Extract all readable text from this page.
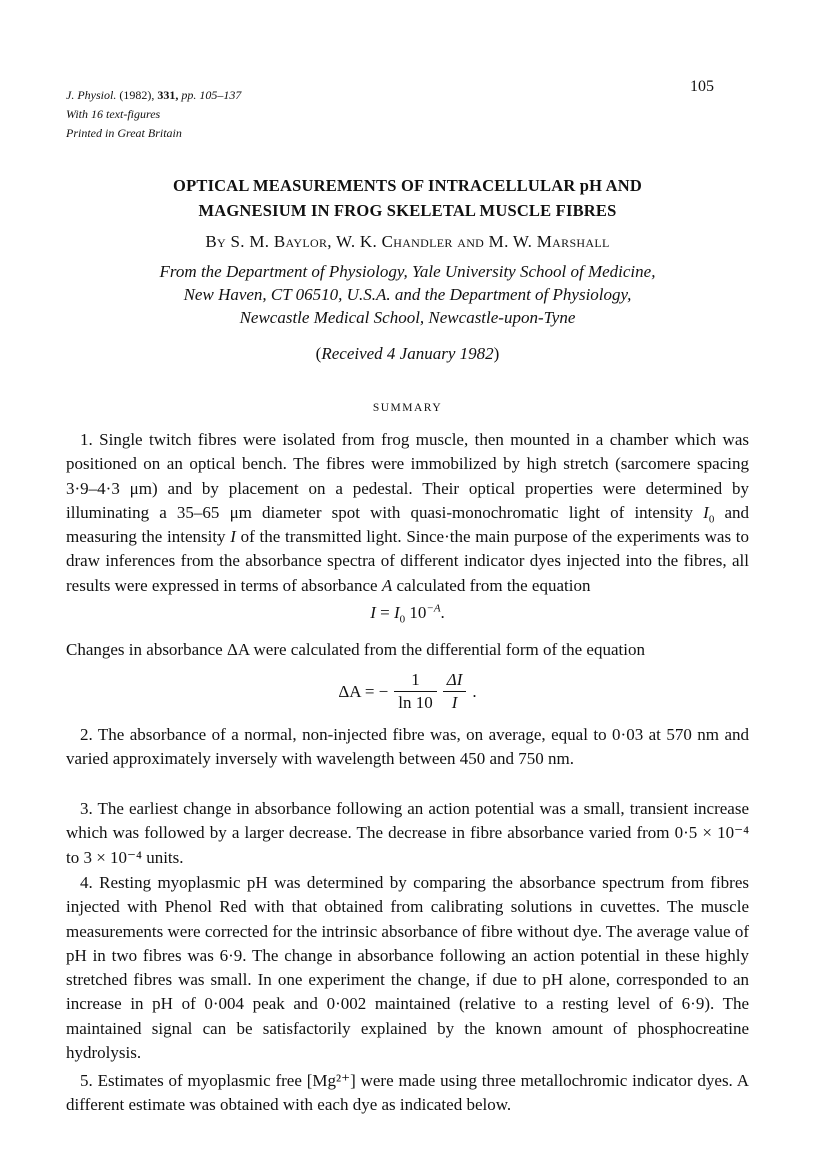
J. Physiol. (1982), 331, pp. 105–137
With 16 text-figures
Printed in Great Britain
105
OPTICAL MEASUREMENTS OF INTRACELLULAR pH AND
MAGNESIUM IN FROG SKELETAL MUSCLE FIBRES
By S. M. Baylor, W. K. Chandler and M. W. Marshall
From the Department of Physiology, Yale University School of Medicine,
New Haven, CT 06510, U.S.A. and the Department of Physiology,
Newcastle Medical School, Newcastle-upon-Tyne
(Received 4 January 1982)
SUMMARY

1. Single twitch fibres were isolated from frog muscle, then mounted in a chamber which was positioned on an optical bench. The fibres were immobilized by high stretch (sarcomere spacing 3·9–4·3 μm) and by placement on a pedestal. Their optical properties were determined by illuminating a 35–65 μm diameter spot with quasi-monochromatic light of intensity $I_0$ and measuring the intensity I of the transmitted light. Since·the main purpose of the experiments was to draw inferences from the absorbance spectra of different indicator dyes injected into the fibres, all results were expressed in terms of absorbance A calculated from the equation

$I = I_0$ $10^{-A}$.

Changes in absorbance ΔA were calculated from the differential form of the equation

ΔA = − $\frac{1}{\ln 10} \frac{\Delta I}{I}$ .

2. The absorbance of a normal, non-injected fibre was, on average, equal to 0·03 at 570 nm and varied approximately inversely with wavelength between 450 and 750 nm.

3. The earliest change in absorbance following an action potential was a small, transient increase which was followed by a larger decrease. The decrease in fibre absorbance varied from 0·5 × 10⁻⁴ to 3 × 10⁻⁴ units.

4. Resting myoplasmic pH was determined by comparing the absorbance spectrum from fibres injected with Phenol Red with that obtained from calibrating solutions in cuvettes. The muscle measurements were corrected for the intrinsic absorbance of fibre without dye. The average value of pH in two fibres was 6·9. The change in absorbance following an action potential in these highly stretched fibres was small. In one experiment the change, if due to pH alone, corresponded to an increase in pH of 0·004 peak and 0·002 maintained (relative to a resting level of 6·9). The maintained signal can be satisfactorily explained by the known amount of phosphocreatine hydrolysis.

5. Estimates of myoplasmic free [Mg²⁺] were made using three metallochromic indicator dyes. A different estimate was obtained with each dye as indicated below.
